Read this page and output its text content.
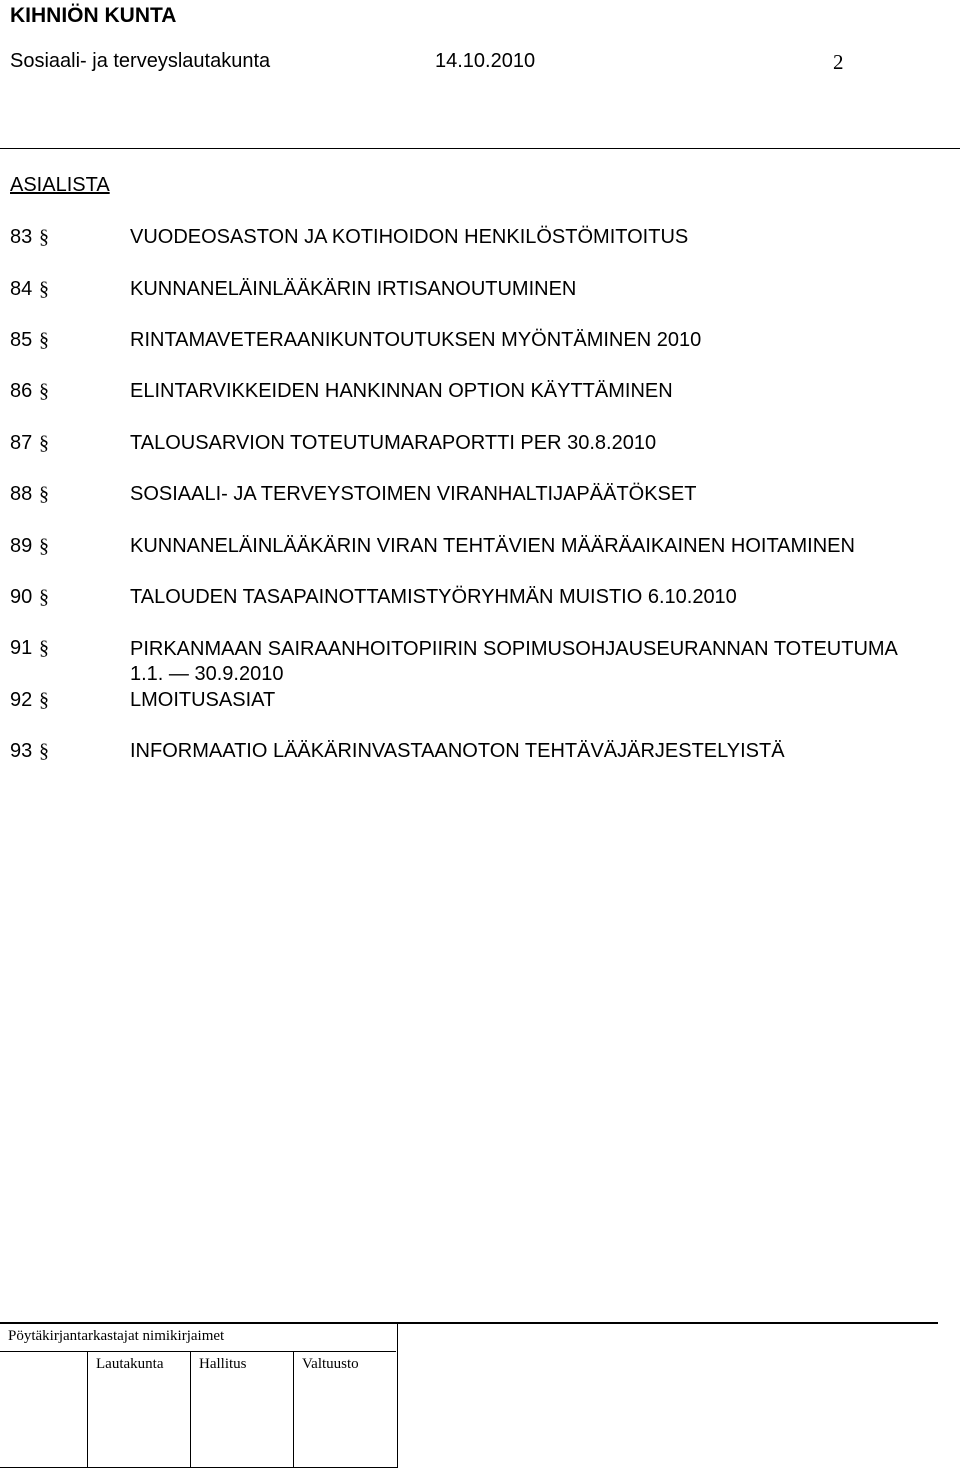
KIHNIÖN KUNTA
Sosiaali- ja terveyslautakunta	14.10.2010	2
ASIALISTA
83 §	VUODEOSASTON JA KOTIHOIDON HENKILÖSTÖMITOITUS
84 §	KUNNANELÄINLÄÄKÄRIN IRTISANOUTUMINEN
85 §	RINTAMAVETERAANIKUNTOUTUKSEN MYÖNTÄMINEN 2010
86 §	ELINTARVIKKEIDEN HANKINNAN OPTION KÄYTTÄMINEN
87 §	TALOUSARVION TOTEUTUMARAPORTTI PER 30.8.2010
88 §	SOSIAALI- JA TERVEYSTOIMEN VIRANHALTIJAPÄÄTÖKSET
89 §	KUNNANELÄINLÄÄKÄRIN VIRAN TEHTÄVIEN MÄÄRÄAIKAINEN HOITAMINEN
90 §	TALOUDEN TASAPAINOTTAMISTYÖRYHMÄN MUISTIO 6.10.2010
91 §	PIRKANMAAN SAIRAANHOITOPIIRIN SOPIMUSOHJAUSEURANNAN TOTEUTUMA 1.1. — 30.9.2010
92 §	LMOITUSASIAT
93 §	INFORMAATIO LÄÄKÄRINVASTAANOTON TEHTÄVÄJÄRJESTELYISTÄ
Pöytäkirjantarkastajat nimikirjaimet
Lautakunta Hallitus	Valtuusto
